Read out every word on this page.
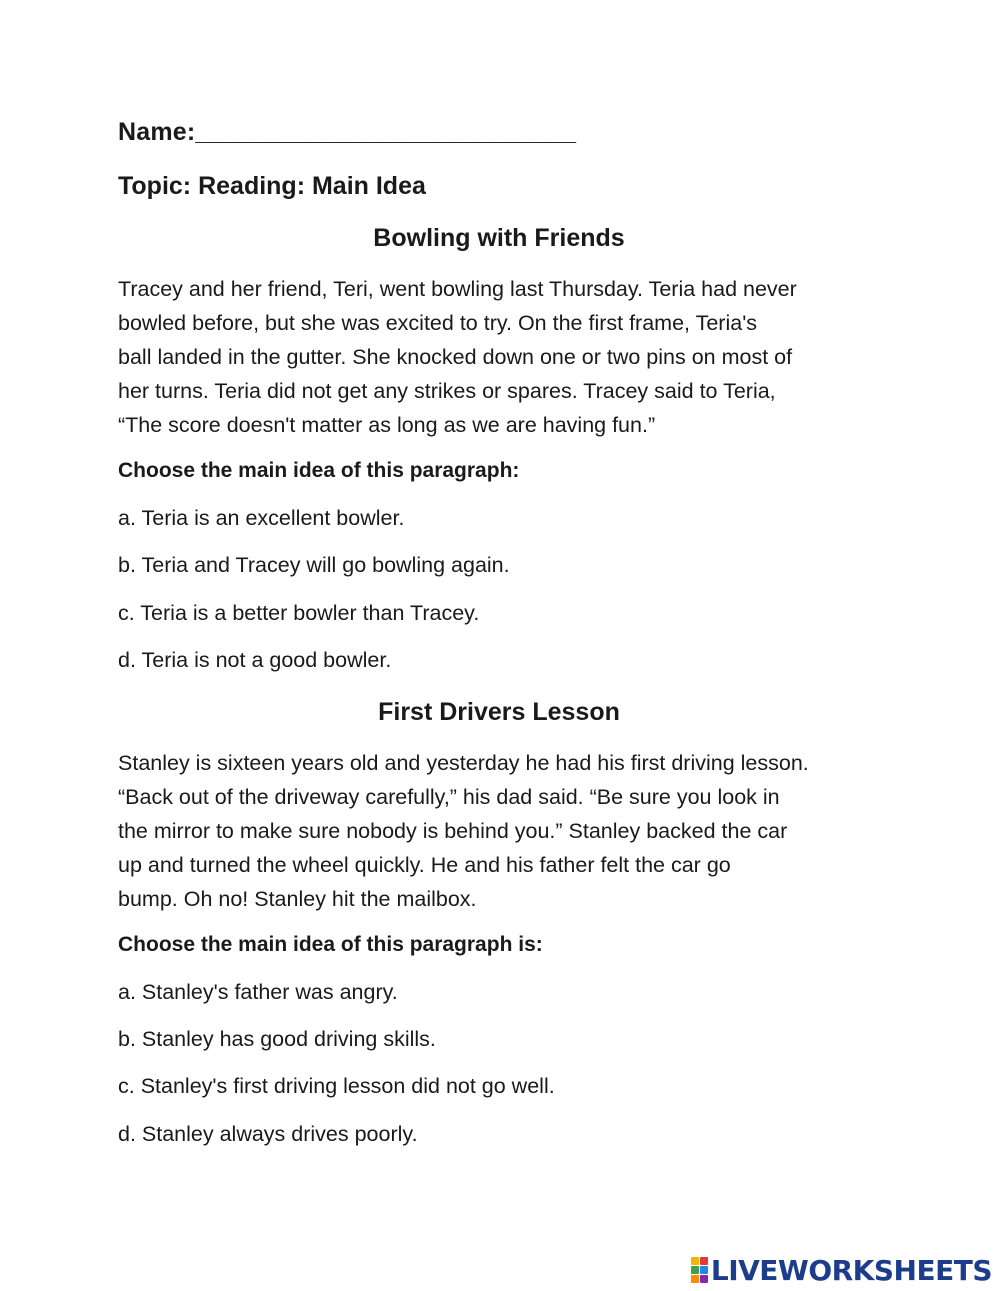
Name:___________________________
Topic: Reading: Main Idea
Bowling with Friends
Tracey and her friend, Teri, went bowling last Thursday. Teria had never
bowled before, but she was excited to try. On the first frame, Teria's
ball landed in the gutter. She knocked down one or two pins on most of
her turns. Teria did not get any strikes or spares. Tracey said to Teria,
“The score doesn't matter as long as we are having fun.”
Choose the main idea of this paragraph:
a. Teria is an excellent bowler.
b. Teria and Tracey will go bowling again.
c. Teria is a better bowler than Tracey.
d. Teria is not a good bowler.
First Drivers Lesson
Stanley is sixteen years old and yesterday he had his first driving lesson.
“Back out of the driveway carefully,” his dad said. “Be sure you look in
the mirror to make sure nobody is behind you.” Stanley backed the car
up and turned the wheel quickly. He and his father felt the car go
bump. Oh no! Stanley hit the mailbox.
Choose the main idea of this paragraph is:
a. Stanley's father was angry.
b. Stanley has good driving skills.
c. Stanley's first driving lesson did not go well.
d. Stanley always drives poorly.
LIVEWORKSHEETS
